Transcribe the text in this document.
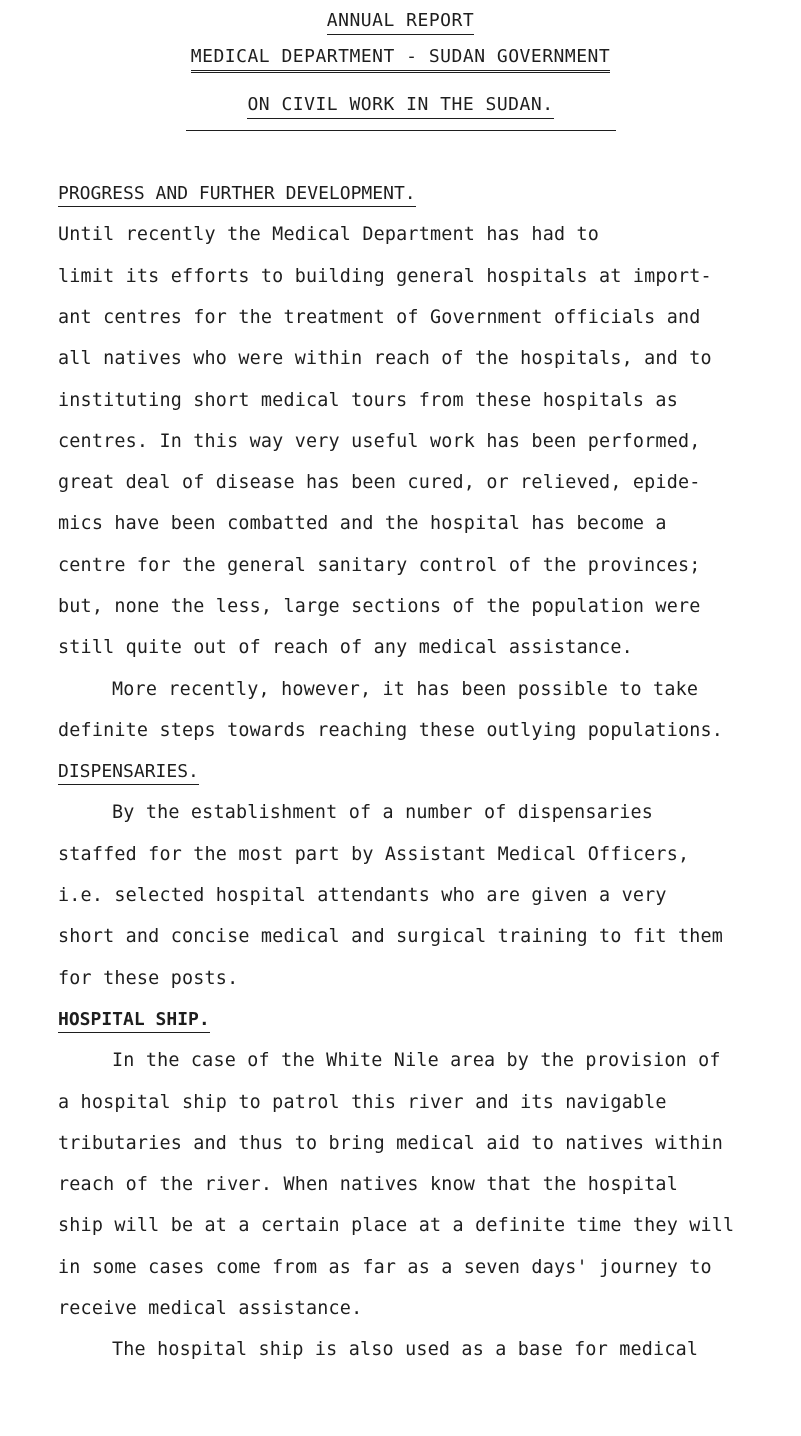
ANNUAL REPORT
MEDICAL DEPARTMENT - SUDAN GOVERNMENT
ON CIVIL WORK IN THE SUDAN.
PROGRESS AND FURTHER DEVELOPMENT.
Until recently the Medical Department has had to
limit its efforts to building general hospitals at import-
ant centres for the treatment of Government officials and
all natives who were within reach of the hospitals, and to
instituting short medical tours from these hospitals as
centres. In this way very useful work has been performed,
great deal of disease has been cured, or relieved, epide-
mics have been combatted and the hospital has become a
centre for the general sanitary control of the provinces;
but, none the less, large sections of the population were
still quite out of reach of any medical assistance.
More recently, however, it has been possible to take
definite steps towards reaching these outlying populations.
DISPENSARIES.
By the establishment of a number of dispensaries
staffed for the most part by Assistant Medical Officers,
i.e. selected hospital attendants who are given a very
short and concise medical and surgical training to fit them
for these posts.
HOSPITAL SHIP.
In the case of the White Nile area by the provision of
a hospital ship to patrol this river and its navigable
tributaries and thus to bring medical aid to natives within
reach of the river. When natives know that the hospital
ship will be at a certain place at a definite time they will
in some cases come from as far as a seven days' journey to
receive medical assistance.
The hospital ship is also used as a base for medical
